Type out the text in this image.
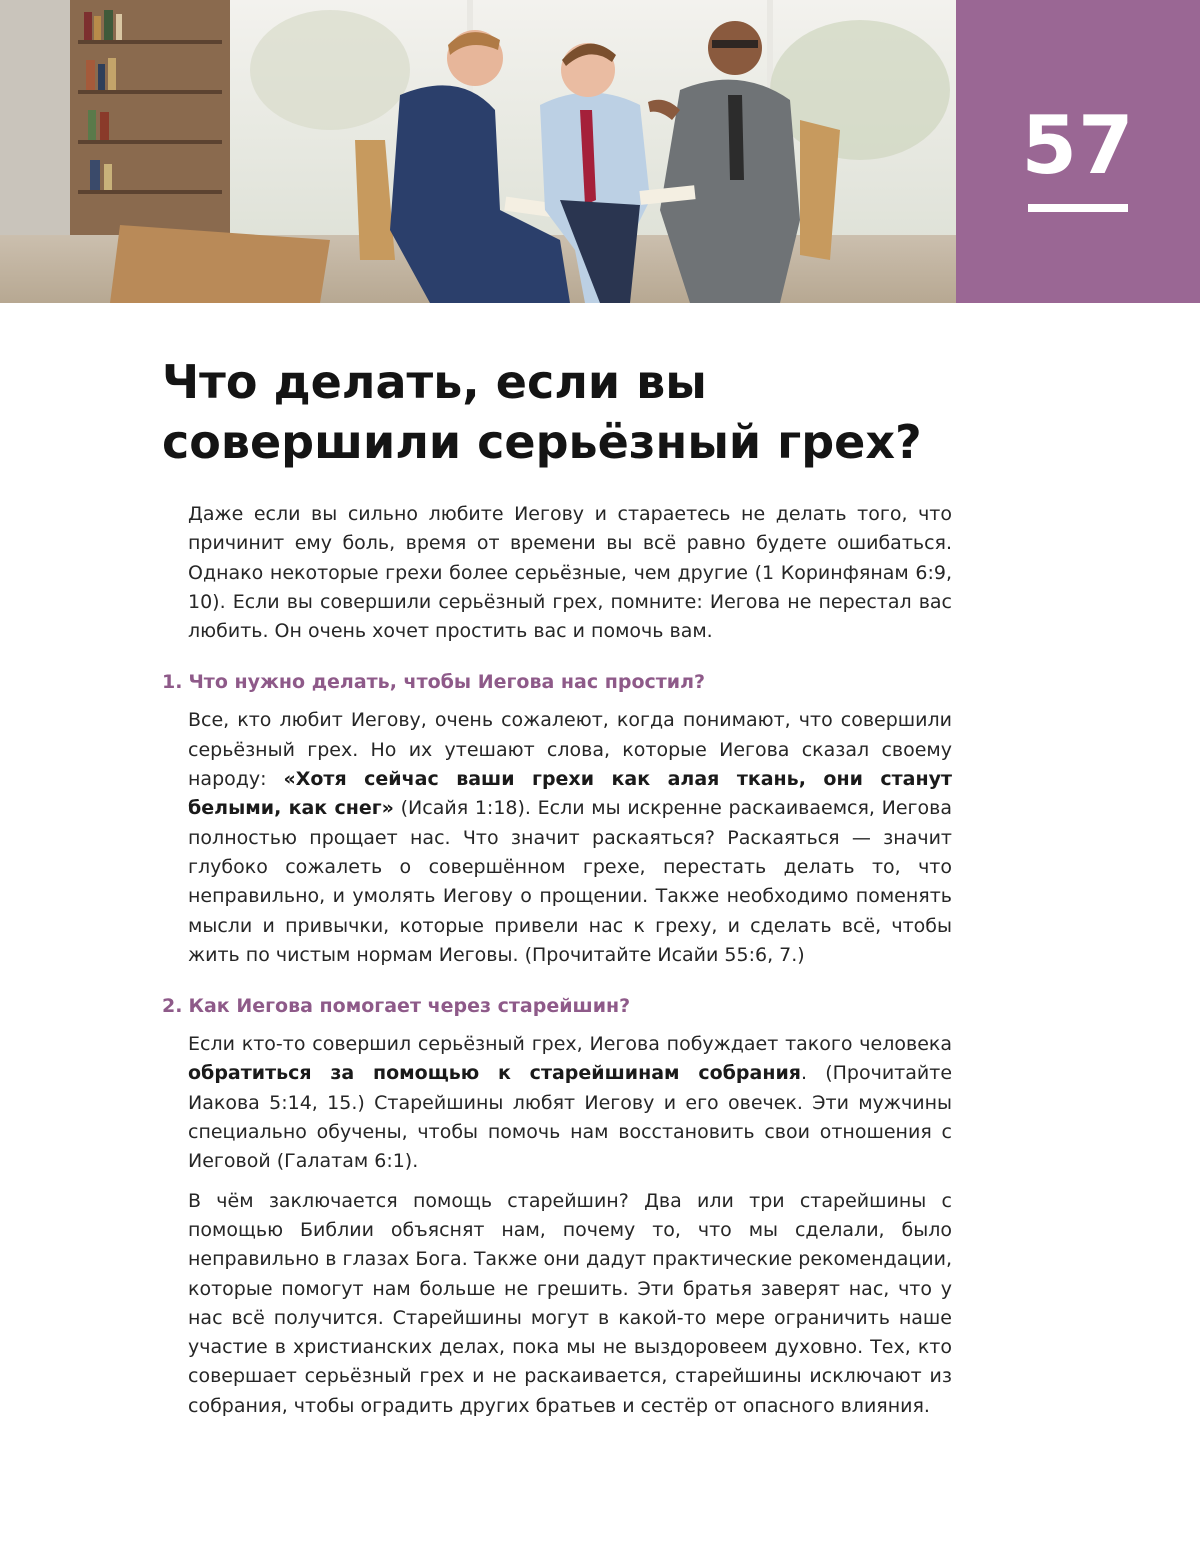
57
Что делать, если вы
совершили серьёзный грех?

Даже если вы сильно любите Иегову и стараетесь не делать того, что причинит ему боль, время от времени вы всё равно будете ошибаться. Однако некоторые грехи более серьёзные, чем другие (1 Коринфянам 6:9, 10). Если вы совершили серьёзный грех, помните: Иегова не перестал вас любить. Он очень хочет простить вас и помочь вам.

1. Что нужно делать, чтобы Иегова нас простил?

Все, кто любит Иегову, очень сожалеют, когда понимают, что совершили серьёзный грех. Но их утешают слова, которые Иегова сказал своему народу: «Хотя сейчас ваши грехи как алая ткань, они станут белыми, как снег» (Исайя 1:18). Если мы искренне раскаиваемся, Иегова полностью прощает нас. Что значит раскаяться? Раскаяться — значит глубоко сожалеть о совершённом грехе, перестать делать то, что неправильно, и умолять Иегову о прощении. Также необходимо поменять мысли и привычки, которые привели нас к греху, и сделать всё, чтобы жить по чистым нормам Иеговы. (Прочитайте Исайи 55:6, 7.)

2. Как Иегова помогает через старейшин?

Если кто-то совершил серьёзный грех, Иегова побуждает такого человека обратиться за помощью к старейшинам собрания. (Прочитайте Иакова 5:14, 15.) Старейшины любят Иегову и его овечек. Эти мужчины специально обучены, чтобы помочь нам восстановить свои отношения с Иеговой (Галатам 6:1).

В чём заключается помощь старейшин? Два или три старейшины с помощью Библии объяснят нам, почему то, что мы сделали, было неправильно в глазах Бога. Также они дадут практические рекомендации, которые помогут нам больше не грешить. Эти братья заверят нас, что у нас всё получится. Старейшины могут в какой-то мере ограничить наше участие в христианских делах, пока мы не выздоровеем духовно. Тех, кто совершает серьёзный грех и не раскаивается, старейшины исключают из собрания, чтобы оградить других братьев и сестёр от опасного влияния.
